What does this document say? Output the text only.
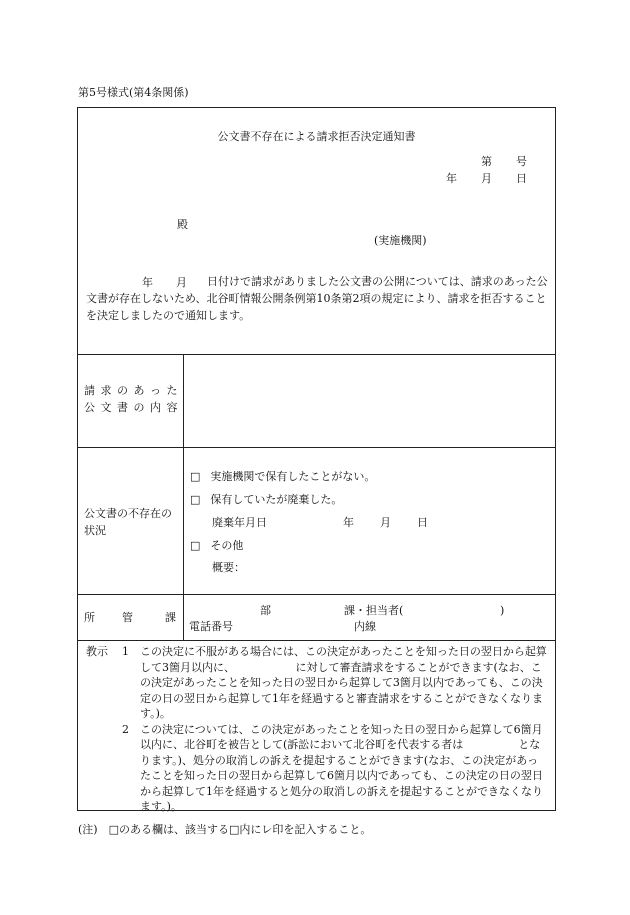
第5号様式(第4条関係)
公文書不存在による請求拒否決定通知書
第 号
年 月 日
殿
(実施機関)
年 月	日付けで請求がありました公文書の公開については、請求のあった公文書が存在しないため、北谷町情報公開条例第10条第2項の規定により、請求を拒否することを決定しましたので通知します。
請 求 の あ っ た
公 文 書 の 内 容
公文書の不存在の
状況
□ 実施機関で保有したことがない。
□ 保有していたが廃棄した。
廃棄年月日	年 月 日
□ その他
概要：
所 管	課
部	課・担当者(	)
電話番号	内線
教示	1	この決定に不服がある場合には、この決定があったことを知った日の翌日から起算して3箇月以内に、　　　　　　に対して審査請求をすることができます(なお、この決定があったことを知った日の翌日から起算して3箇月以内であっても、この決定の日の翌日から起算して1年を経過すると審査請求をすることができなくなります。)。
2	この決定については、この決定があったことを知った日の翌日から起算して6箇月以内に、北谷町を被告として(訴訟において北谷町を代表する者は　　　　　となります。)、処分の取消しの訴えを提起することができます(なお、この決定があったことを知った日の翌日から起算して6箇月以内であっても、この決定の日の翌日から起算して1年を経過すると処分の取消しの訴えを提起することができなくなります。)。
(注)　□のある欄は、該当する□内にレ印を記入すること。
